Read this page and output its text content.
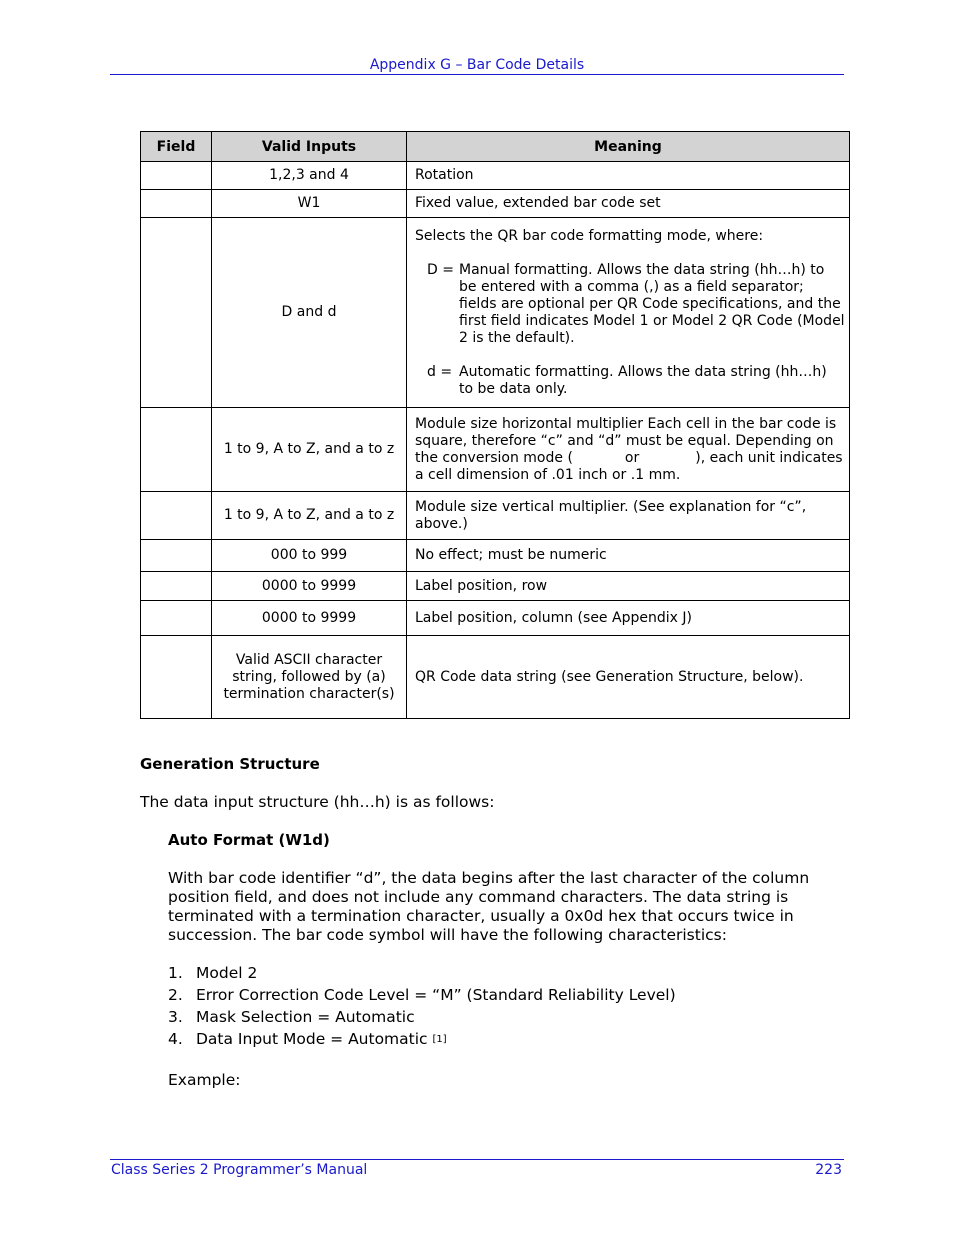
Appendix G – Bar Code Details
Field	Valid Inputs	Meaning
	1,2,3 and 4	Rotation
	W1	Fixed value, extended bar code set
	D and d	Selects the QR bar code formatting mode, where:

D = Manual formatting. Allows the data string (hh…h) to be entered with a comma (,) as a field separator; fields are optional per QR Code specifications, and the first field indicates Model 1 or Model 2 QR Code (Model 2 is the default).
d = Automatic formatting. Allows the data string (hh…h) to be data only.

	1 to 9, A to Z, and a to z	Module size horizontal multiplier Each cell in the bar code is square, therefore “c” and “d” must be equal. Depending on the conversion mode ( or ), each unit indicates a cell dimension of .01 inch or .1 mm.
	1 to 9, A to Z, and a to z	Module size vertical multiplier. (See explanation for “c”, above.)
	000 to 999	No effect; must be numeric
	0000 to 9999	Label position, row
	0000 to 9999	Label position, column (see Appendix J)
	Valid ASCII character string, followed by (a) termination character(s)	QR Code data string (see Generation Structure, below).
Generation Structure
The data input structure (hh…h) is as follows:
Auto Format (W1d)
With bar code identifier “d”, the data begins after the last character of the column position field, and does not include any command characters. The data string is terminated with a termination character, usually a 0x0d hex that occurs twice in succession. The bar code symbol will have the following characteristics:
1. Model 2
2. Error Correction Code Level = “M” (Standard Reliability Level)
3. Mask Selection = Automatic
4. Data Input Mode = Automatic
[1]
Example:
Class Series 2 Programmer’s Manual	223
